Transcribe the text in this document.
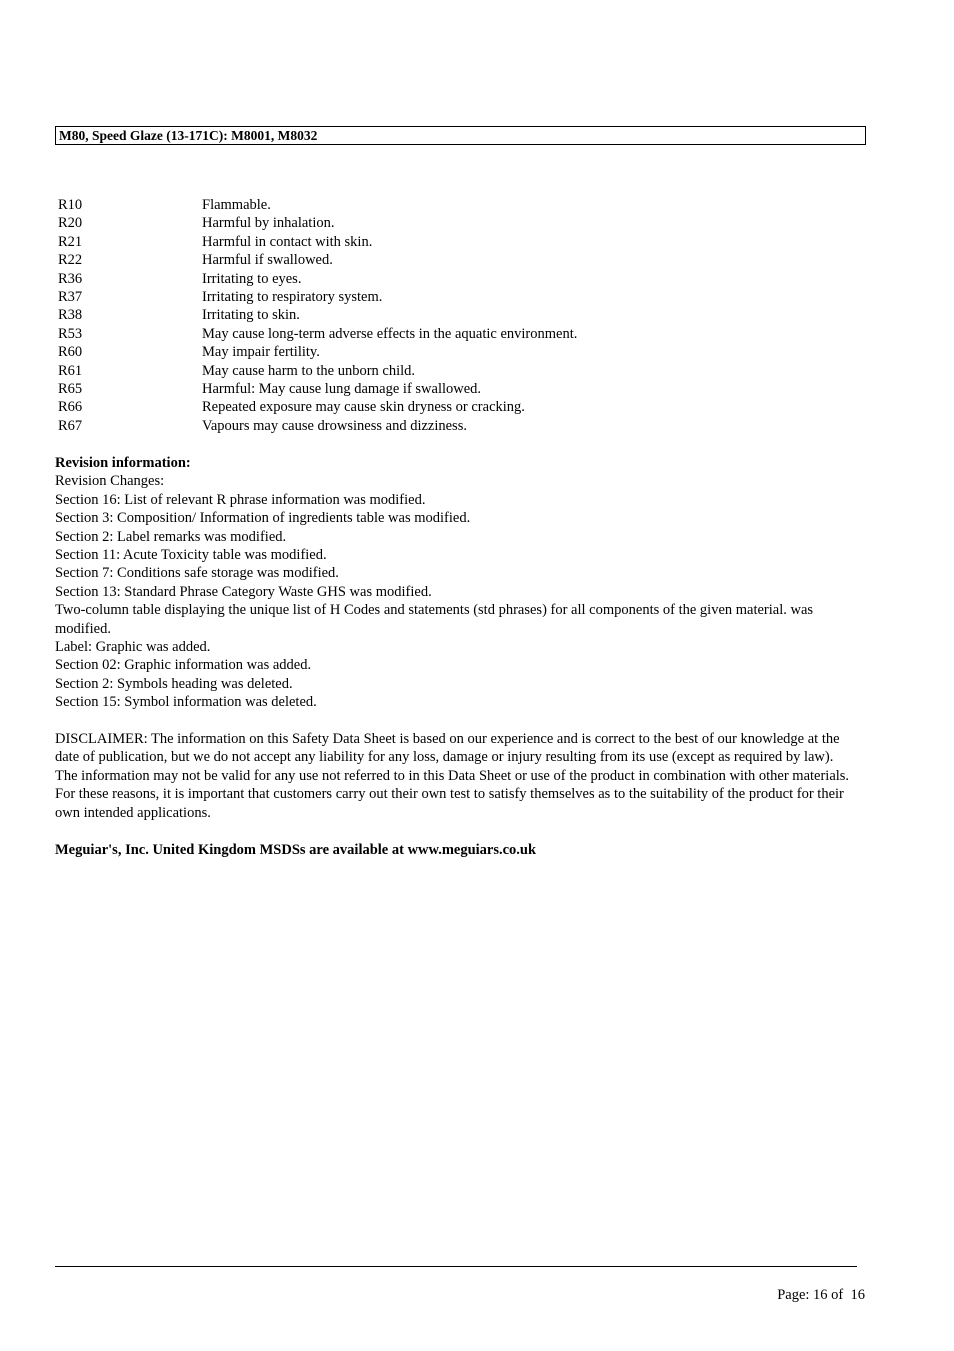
M80, Speed Glaze (13-171C): M8001, M8032
R10	Flammable.
R20	Harmful by inhalation.
R21	Harmful in contact with skin.
R22	Harmful if swallowed.
R36	Irritating to eyes.
R37	Irritating to respiratory system.
R38	Irritating to skin.
R53	May cause long-term adverse effects in the aquatic environment.
R60	May impair fertility.
R61	May cause harm to the unborn child.
R65	Harmful: May cause lung damage if swallowed.
R66	Repeated exposure may cause skin dryness or cracking.
R67	Vapours may cause drowsiness and dizziness.
Revision information:
Revision Changes:
Section 16: List of relevant R phrase information was modified.
Section 3: Composition/ Information of ingredients table was modified.
Section 2: Label remarks was modified.
Section 11: Acute Toxicity table was modified.
Section 7: Conditions safe storage was modified.
Section 13: Standard Phrase Category Waste GHS was modified.
Two-column table displaying the unique list of H Codes and statements (std phrases) for all components of the given material. was modified.
Label: Graphic was added.
Section 02: Graphic information was added.
Section 2: Symbols heading was deleted.
Section 15: Symbol information was deleted.
DISCLAIMER: The information on this Safety Data Sheet is based on our experience and is correct to the best of our knowledge at the date of publication, but we do not accept any liability for any loss, damage or injury resulting from its use (except as required by law). The information may not be valid for any use not referred to in this Data Sheet or use of the product in combination with other materials. For these reasons, it is important that customers carry out their own test to satisfy themselves as to the suitability of the product for their own intended applications.
Meguiar's, Inc. United Kingdom MSDSs are available at www.meguiars.co.uk
Page: 16 of  16
